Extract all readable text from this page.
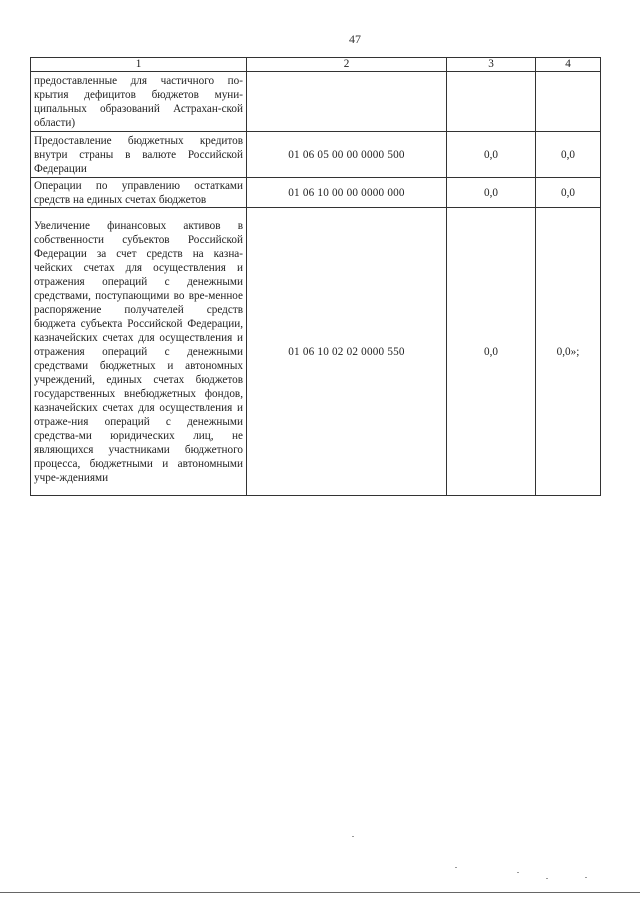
47
1	2	3	4
предоставленные для частичного по-крытия дефицитов бюджетов муни-ципальных образований Астрахан-ской области)			
Предоставление бюджетных кредитов внутри страны в валюте Российской Федерации	01 06 05 00 00 0000 500	0,0	0,0
Операции по управлению остатками средств на единых счетах бюджетов	01 06 10 00 00 0000 000	0,0	0,0
Увеличение финансовых активов в собственности субъектов Российской Федерации за счет средств на казна-чейских счетах для осуществления и отражения операций с денежными средствами, поступающими во вре-менное распоряжение получателей средств бюджета субъекта Российской Федерации, казначейских счетах для осуществления и отражения операций с денежными средствами бюджетных и автономных учреждений, единых счетах бюджетов государственных внебюджетных фондов, казначейских счетах для осуществления и отраже-ния операций с денежными средства-ми юридических лиц, не являющихся участниками бюджетного процесса, бюджетными и автономными учре-ждениями	01 06 10 02 02 0000 550	0,0	0,0»;
